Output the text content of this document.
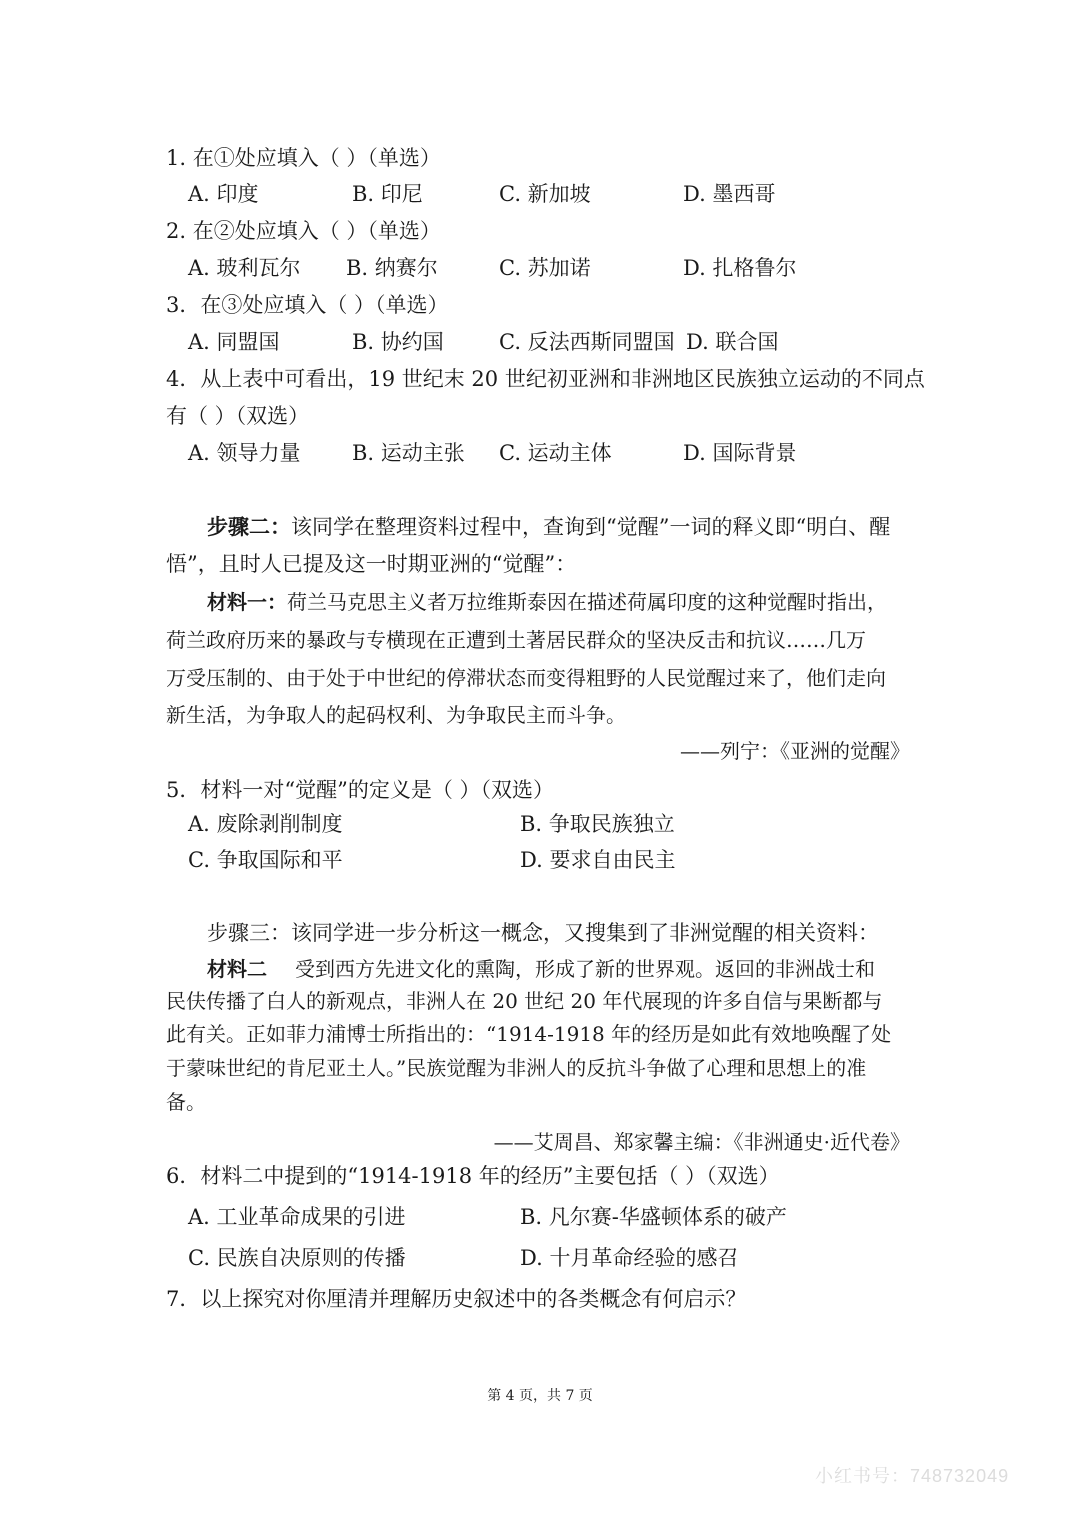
1. 在①处应填入（ ）（单选）
A. 印度	B. 印尼	C. 新加坡	D. 墨西哥
2. 在②处应填入（ ）（单选）
A. 玻利瓦尔 B. 纳赛尔	C. 苏加诺	D. 扎格鲁尔
3．在③处应填入（ ）（单选）
A. 同盟国	B. 协约国	C. 反法西斯同盟国 D. 联合国
4．从上表中可看出，19 世纪末 20 世纪初亚洲和非洲地区民族独立运动的不同点
有（ ）（双选）
A. 领导力量 B. 运动主张 C. 运动主体	D. 国际背景
步骤二：该同学在整理资料过程中，查询到“觉醒”一词的释义即“明白、醒
悟”，且时人已提及这一时期亚洲的“觉醒”：
材料一：荷兰马克思主义者万拉维斯泰因在描述荷属印度的这种觉醒时指出，
荷兰政府历来的暴政与专横现在正遭到土著居民群众的坚决反击和抗议……几万
万受压制的、由于处于中世纪的停滞状态而变得粗野的人民觉醒过来了，他们走向
新生活，为争取人的起码权利、为争取民主而斗争。
——列宁：《亚洲的觉醒》
5．材料一对“觉醒”的定义是（ ）（双选）
A. 废除剥削制度	B. 争取民族独立
C. 争取国际和平	D. 要求自由民主
步骤三：该同学进一步分析这一概念，又搜集到了非洲觉醒的相关资料：
材料二 受到西方先进文化的熏陶，形成了新的世界观。返回的非洲战士和
民伕传播了白人的新观点，非洲人在 20 世纪 20 年代展现的许多自信与果断都与
此有关。正如菲力浦博士所指出的：“1914-1918 年的经历是如此有效地唤醒了处
于蒙味世纪的肯尼亚土人。”民族觉醒为非洲人的反抗斗争做了心理和思想上的准
备。
——艾周昌、郑家馨主编：《非洲通史·近代卷》
6．材料二中提到的“1914-1918 年的经历”主要包括（ ）（双选）
A. 工业革命成果的引进	B. 凡尔赛-华盛顿体系的破产
C. 民族自决原则的传播	D. 十月革命经验的感召
7．以上探究对你厘清并理解历史叙述中的各类概念有何启示？
第 4 页，共 7 页
小红书号：748732049
